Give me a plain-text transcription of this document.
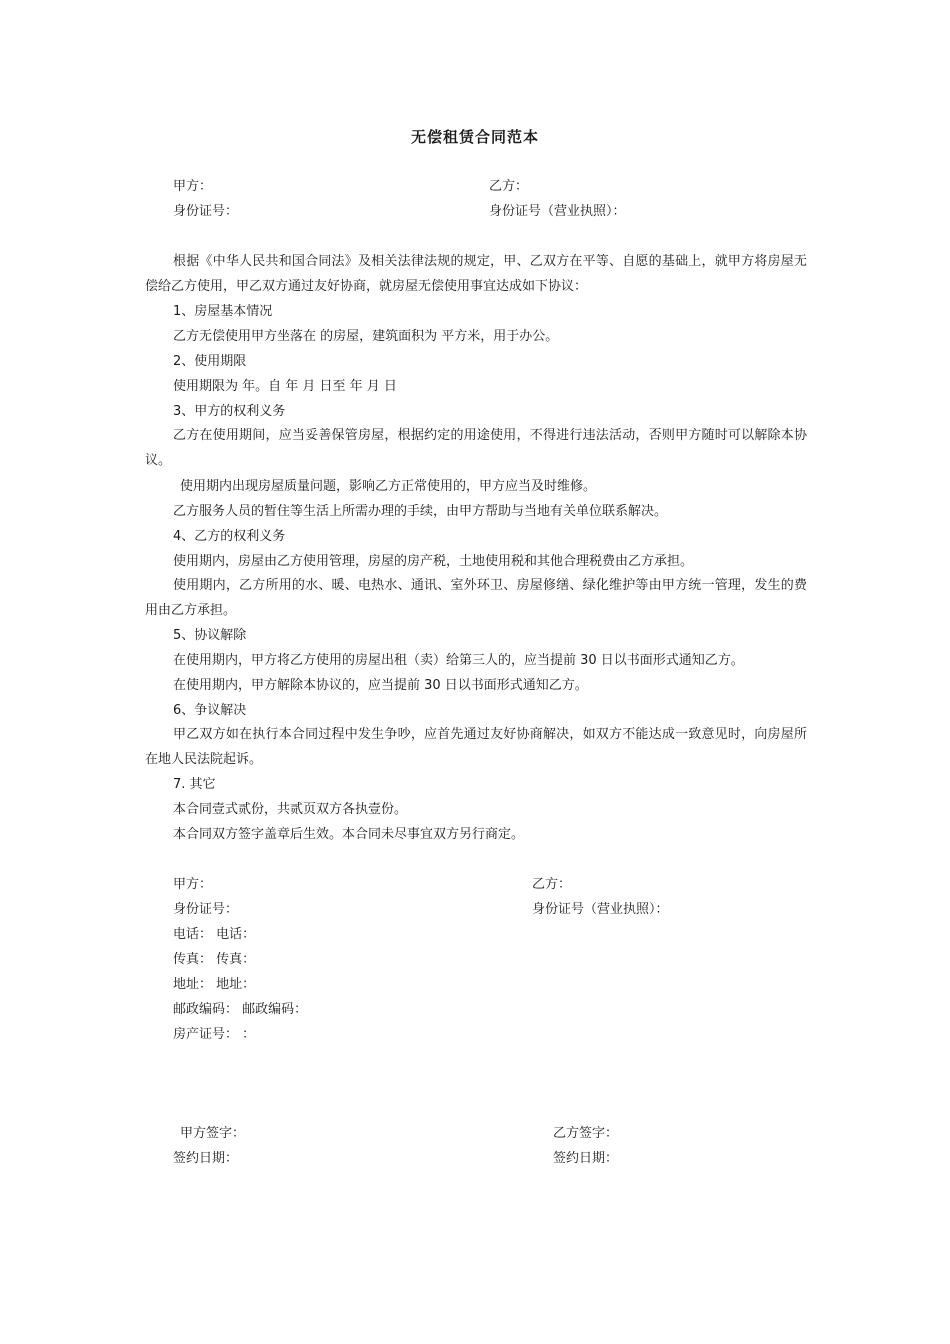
无偿租赁合同范本
甲方：	乙方：
身份证号：	身份证号（营业执照）：
根据《中华人民共和国合同法》及相关法律法规的规定，甲、乙双方在平等、自愿的基础上，就甲方将房屋无偿给乙方使用，甲乙双方通过友好协商，就房屋无偿使用事宜达成如下协议：
1、房屋基本情况
乙方无偿使用甲方坐落在 的房屋，建筑面积为 平方米，用于办公。
2、使用期限
使用期限为 年。自 年 月 日至 年 月 日
3、甲方的权利义务
乙方在使用期间，应当妥善保管房屋，根据约定的用途使用，不得进行违法活动，否则甲方随时可以解除本协议。
使用期内出现房屋质量问题，影响乙方正常使用的，甲方应当及时维修。
乙方服务人员的暂住等生活上所需办理的手续，由甲方帮助与当地有关单位联系解决。
4、乙方的权利义务
使用期内，房屋由乙方使用管理，房屋的房产税，土地使用税和其他合理税费由乙方承担。
使用期内，乙方所用的水、暖、电热水、通讯、室外环卫、房屋修缮、绿化维护等由甲方统一管理，发生的费用由乙方承担。
5、协议解除
在使用期内，甲方将乙方使用的房屋出租（卖）给第三人的，应当提前 30 日以书面形式通知乙方。
在使用期内，甲方解除本协议的，应当提前 30 日以书面形式通知乙方。
6、争议解决
甲乙双方如在执行本合同过程中发生争吵，应首先通过友好协商解决，如双方不能达成一致意见时，向房屋所在地人民法院起诉。
7. 其它
本合同壹式贰份，共贰页双方各执壹份。
本合同双方签字盖章后生效。本合同未尽事宜双方另行商定。
甲方：	乙方：
身份证号：	身份证号（营业执照）：
电话： 电话：
传真： 传真：
地址： 地址：
邮政编码： 邮政编码：
房产证号： ：
甲方签字：	乙方签字：
签约日期：	签约日期：
